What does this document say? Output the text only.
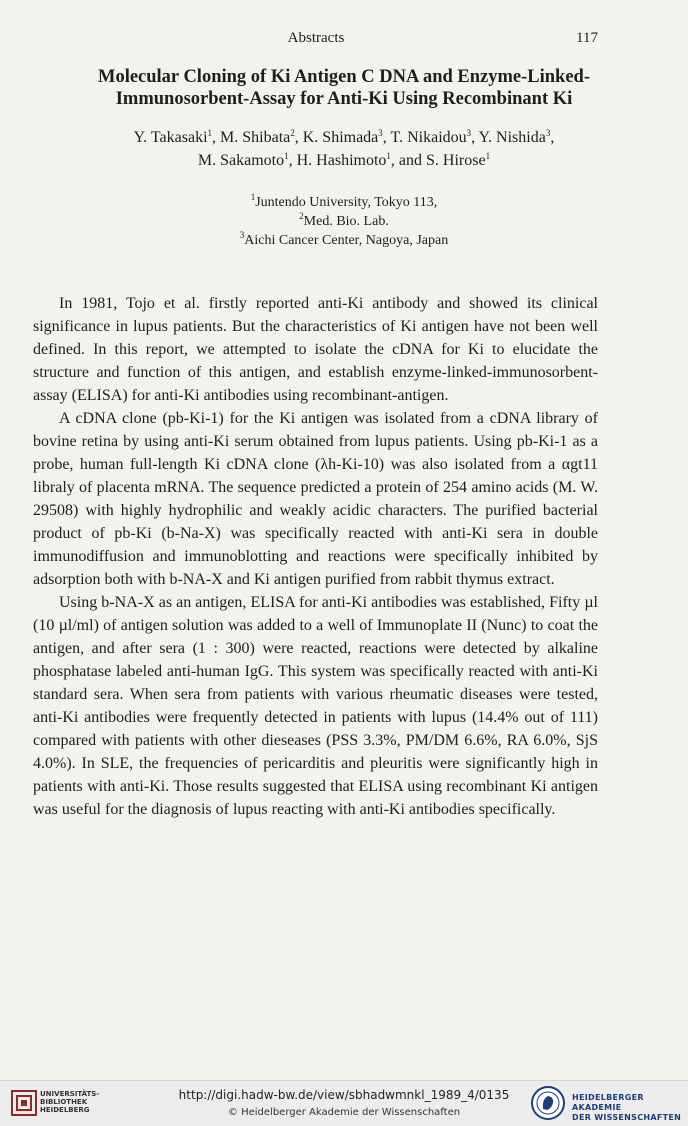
Abstracts	117
Molecular Cloning of Ki Antigen C DNA and Enzyme-Linked-
Immunosorbent-Assay for Anti-Ki Using Recombinant Ki
Y. Takasaki$^1$, M. Shibata$^2$, K. Shimada$^3$, T. Nikaidou$^3$, Y. Nishida$^3$,
M. Sakamoto$^1$, H. Hashimoto$^1$, and S. Hirose$^1$
$^1$Juntendo University, Tokyo 113,
$^2$Med. Bio. Lab.
$^3$Aichi Cancer Center, Nagoya, Japan

In 1981, Tojo et al. firstly reported anti-Ki antibody and showed its clinical significance in lupus patients. But the characteristics of Ki antigen have not been well defined. In this report, we attempted to isolate the cDNA for Ki to elucidate the structure and function of this antigen, and establish enzyme-linked-immunosorbent-assay (ELISA) for anti-Ki antibodies using recombinant-antigen.

A cDNA clone (pb-Ki-1) for the Ki antigen was isolated from a cDNA library of bovine retina by using anti-Ki serum obtained from lupus patients. Using pb-Ki-1 as a probe, human full-length Ki cDNA clone (λh-Ki-10) was also isolated from a αgt11 libraly of placenta mRNA. The sequence predicted a protein of 254 amino acids (M. W. 29508) with highly hydrophilic and weakly acidic characters. The purified bacterial product of pb-Ki (b-Na-X) was specifically reacted with anti-Ki sera in double immunodiffusion and immunoblotting and reactions were specifically inhibited by adsorption both with b-NA-X and Ki antigen purified from rabbit thymus extract.

Using b-NA-X as an antigen, ELISA for anti-Ki antibodies was established, Fifty µl (10 µl/ml) of antigen solution was added to a well of Immunoplate II (Nunc) to coat the antigen, and after sera (1 : 300) were reacted, reactions were detected by alkaline phosphatase labeled anti-human IgG. This system was specifically reacted with anti-Ki standard sera. When sera from patients with various rheumatic diseases were tested, anti-Ki antibodies were frequently detected in patients with lupus (14.4% out of 111) compared with patients with other dieseases (PSS 3.3%, PM/DM 6.6%, RA 6.0%, SjS 4.0%). In SLE, the frequencies of pericarditis and pleuritis were significantly high in patients with anti-Ki. Those results suggested that ELISA using recombinant Ki antigen was useful for the diagnosis of lupus reacting with anti-Ki antibodies specifically.

UNIVERSITÄTS-
BIBLIOTHEK
HEIDELBERG
http://digi.hadw-bw.de/view/sbhadwmnkl_1989_4/0135
© Heidelberger Akademie der Wissenschaften
HEIDELBERGER AKADEMIE
DER WISSENSCHAFTEN
